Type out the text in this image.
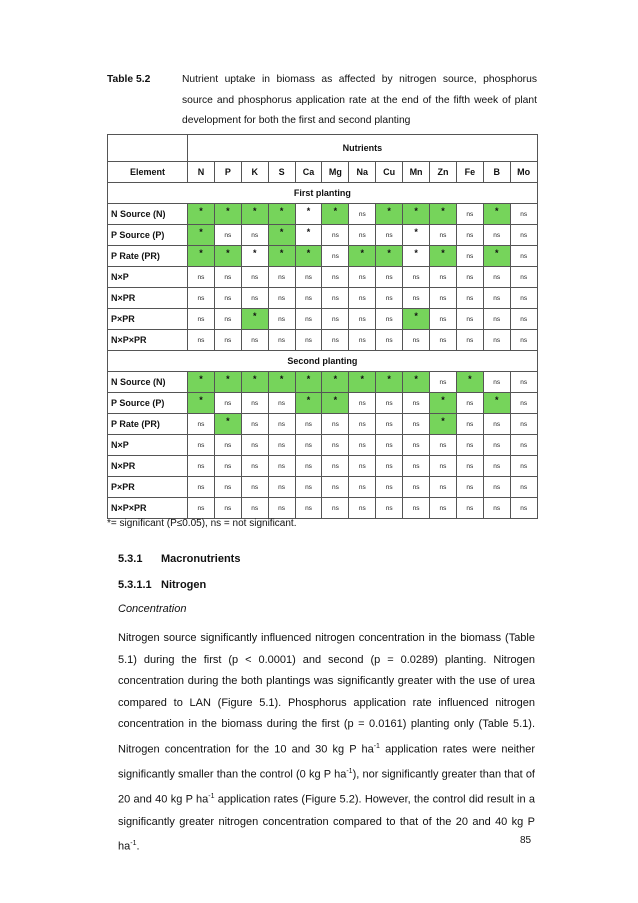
Table 5.2	Nutrient uptake in biomass as affected by nitrogen source, phosphorus source and phosphorus application rate at the end of the fifth week of plant development for both the first and second planting
	Nutrients												
Element	N	P	K	S	Ca	Mg	Na	Cu	Mn	Zn	Fe	B	Mo
First planting													
N Source (N)	*	*	*	*	*	*	ns	*	*	*	ns	*	ns
P Source (P)	*	ns	ns	*	*	ns	ns	ns	*	ns	ns	ns	ns
P Rate (PR)	*	*	*	*	*	ns	*	*	*	*	ns	*	ns
N×P	ns	ns	ns	ns	ns	ns	ns	ns	ns	ns	ns	ns	ns
N×PR	ns	ns	ns	ns	ns	ns	ns	ns	ns	ns	ns	ns	ns
P×PR	ns	ns	*	ns	ns	ns	ns	ns	*	ns	ns	ns	ns
N×P×PR	ns	ns	ns	ns	ns	ns	ns	ns	ns	ns	ns	ns	ns
Second planting													
N Source (N)	*	*	*	*	*	*	*	*	*	ns	*	ns	ns
P Source (P)	*	ns	ns	ns	*	*	ns	ns	ns	*	ns	*	ns
P Rate (PR)	ns	*	ns	ns	ns	ns	ns	ns	ns	*	ns	ns	ns
N×P	ns	ns	ns	ns	ns	ns	ns	ns	ns	ns	ns	ns	ns
N×PR	ns	ns	ns	ns	ns	ns	ns	ns	ns	ns	ns	ns	ns
P×PR	ns	ns	ns	ns	ns	ns	ns	ns	ns	ns	ns	ns	ns
N×P×PR	ns	ns	ns	ns	ns	ns	ns	ns	ns	ns	ns	ns	ns
*= significant (P≤0.05), ns = not significant.
5.3.1 Macronutrients
5.3.1.1 Nitrogen
Concentration
Nitrogen source significantly influenced nitrogen concentration in the biomass (Table 5.1) during the first (p < 0.0001) and second (p = 0.0289) planting. Nitrogen concentration during the both plantings was significantly greater with the use of urea compared to LAN (Figure 5.1). Phosphorus application rate influenced nitrogen concentration in the biomass during the first (p = 0.0161) planting only (Table 5.1). Nitrogen concentration for the 10 and 30 kg P $ha^{-1}$ application rates were neither significantly smaller than the control (0 kg P $ha^{-1}$), nor significantly greater than that of 20 and 40 kg P $ha^{-1}$ application rates (Figure 5.2). However, the control did result in a significantly greater nitrogen concentration compared to that of the 20 and 40 kg P $ha^{-1}$.
85
